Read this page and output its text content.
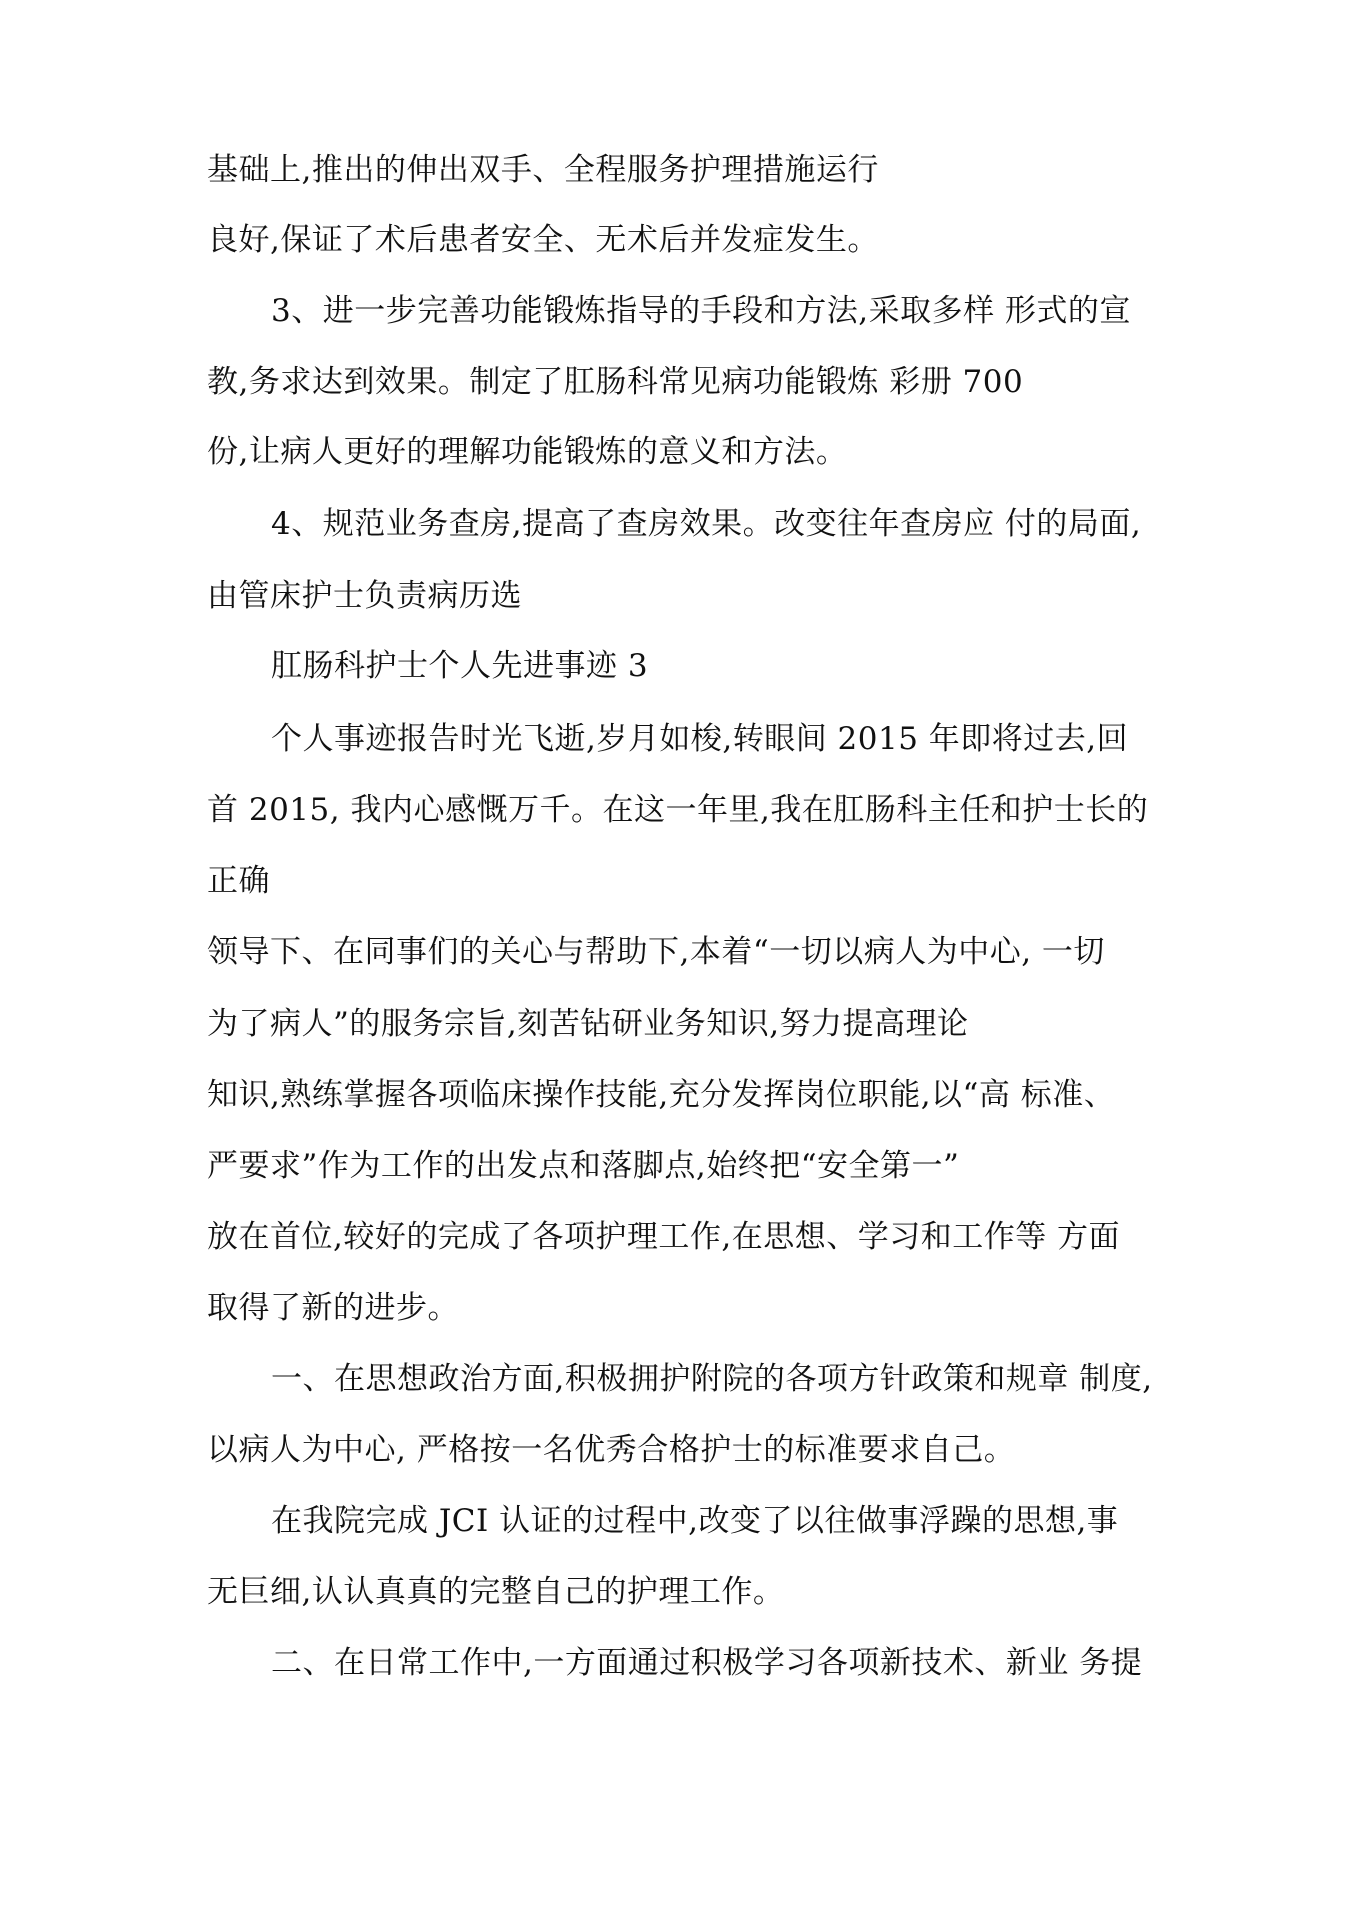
基础上,推出的伸出双手、全程服务护理措施运行
良好,保证了术后患者安全、无术后并发症发生。
3、进一步完善功能锻炼指导的手段和方法,采取多样 形式的宣
教,务求达到效果。制定了肛肠科常见病功能锻炼 彩册 700
份,让病人更好的理解功能锻炼的意义和方法。
4、规范业务查房,提高了查房效果。改变往年查房应 付的局面,
由管床护士负责病历选
肛肠科护士个人先进事迹 3
个人事迹报告时光飞逝,岁月如梭,转眼间 2015 年即将过去,回
首 2015, 我内心感慨万千。在这一年里,我在肛肠科主任和护士长的
正确
领导下、在同事们的关心与帮助下,本着“一切以病人为中心, 一切
为了病人”的服务宗旨,刻苦钻研业务知识,努力提高理论
知识,熟练掌握各项临床操作技能,充分发挥岗位职能,以“高 标准、
严要求”作为工作的出发点和落脚点,始终把“安全第一”
放在首位,较好的完成了各项护理工作,在思想、学习和工作等 方面
取得了新的进步。
一、在思想政治方面,积极拥护附院的各项方针政策和规章 制度,
以病人为中心, 严格按一名优秀合格护士的标准要求自己。
在我院完成 JCI 认证的过程中,改变了以往做事浮躁的思想,事
无巨细,认认真真的完整自己的护理工作。
二、在日常工作中,一方面通过积极学习各项新技术、新业 务提
